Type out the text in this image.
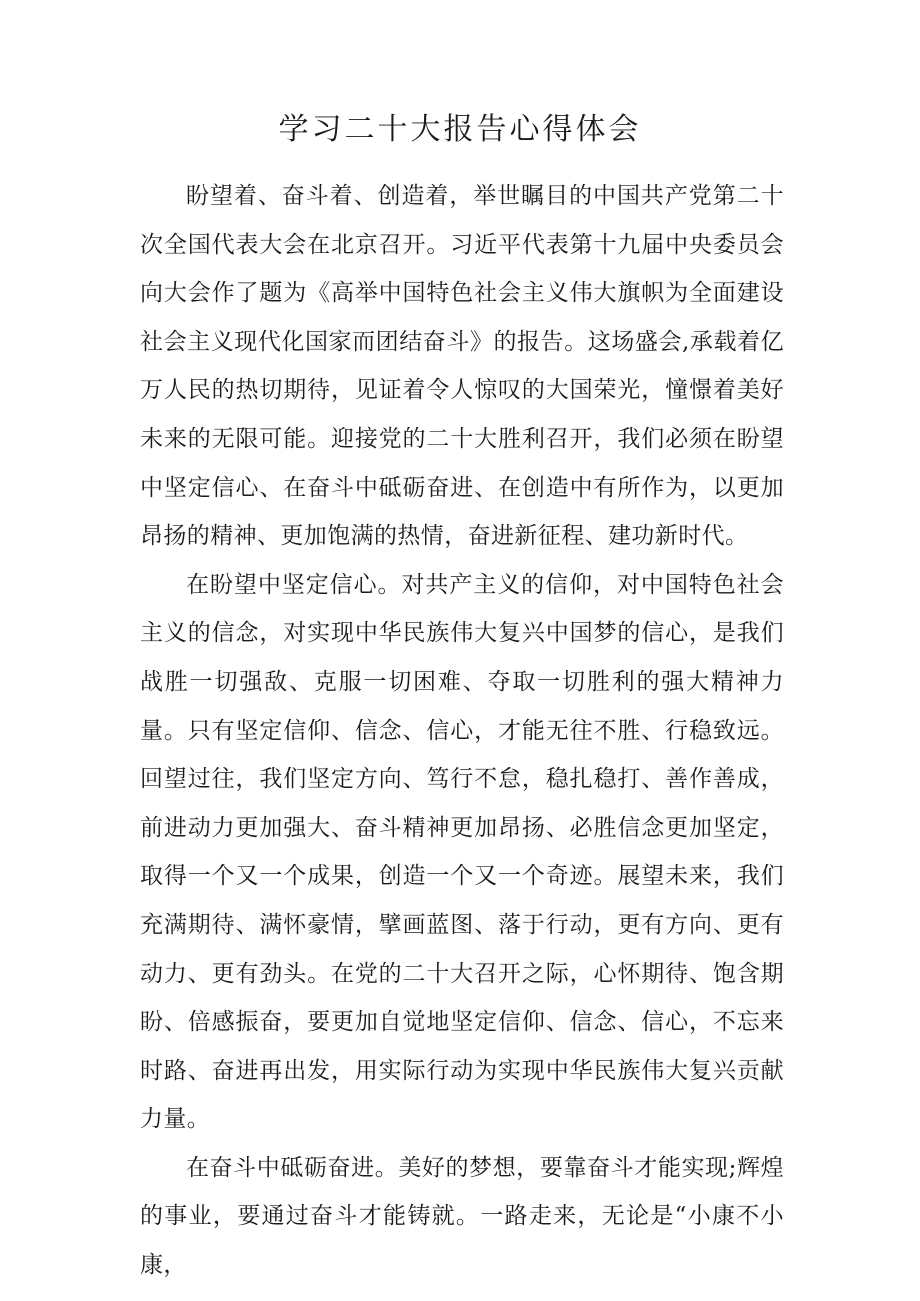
学习二十大报告心得体会

盼望着、奋斗着、创造着，举世瞩目的中国共产党第二十次全国代表大会在北京召开。习近平代表第十九届中央委员会向大会作了题为《高举中国特色社会主义伟大旗帜为全面建设社会主义现代化国家而团结奋斗》的报告。这场盛会,承载着亿万人民的热切期待，见证着令人惊叹的大国荣光，憧憬着美好未来的无限可能。迎接党的二十大胜利召开，我们必须在盼望中坚定信心、在奋斗中砥砺奋进、在创造中有所作为，以更加昂扬的精神、更加饱满的热情，奋进新征程、建功新时代。

在盼望中坚定信心。对共产主义的信仰，对中国特色社会主义的信念，对实现中华民族伟大复兴中国梦的信心，是我们战胜一切强敌、克服一切困难、夺取一切胜利的强大精神力量。只有坚定信仰、信念、信心，才能无往不胜、行稳致远。回望过往，我们坚定方向、笃行不怠，稳扎稳打、善作善成，前进动力更加强大、奋斗精神更加昂扬、必胜信念更加坚定，取得一个又一个成果，创造一个又一个奇迹。展望未来，我们充满期待、满怀豪情，擘画蓝图、落于行动，更有方向、更有动力、更有劲头。在党的二十大召开之际，心怀期待、饱含期盼、倍感振奋，要更加自觉地坚定信仰、信念、信心，不忘来时路、奋进再出发，用实际行动为实现中华民族伟大复兴贡献力量。

在奋斗中砥砺奋进。美好的梦想，要靠奋斗才能实现;辉煌的事业，要通过奋斗才能铸就。一路走来，无论是“小康不小康，
